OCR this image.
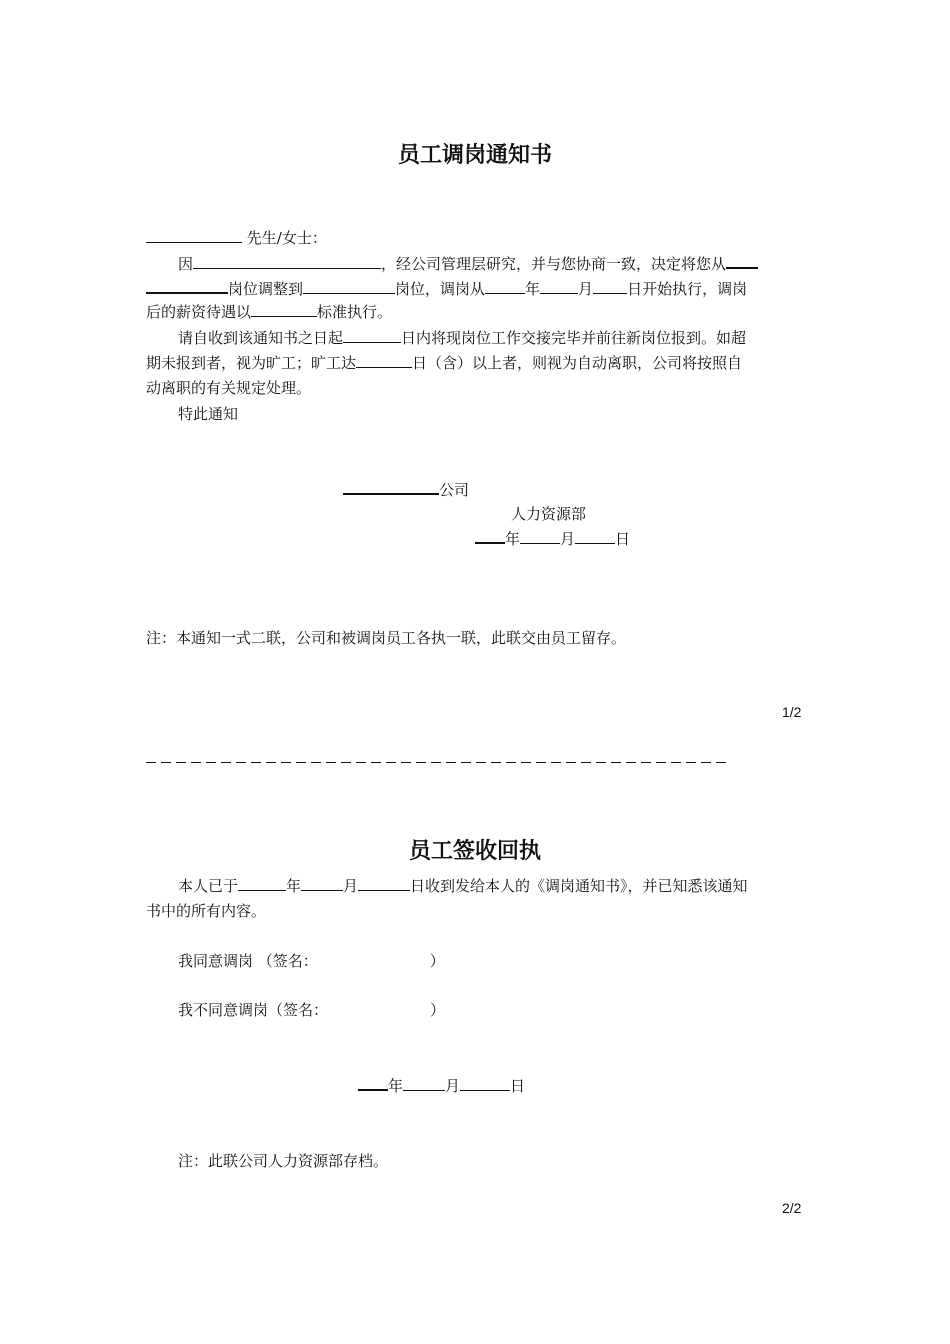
员工调岗通知书
先生/女士：
因	，经公司管理层研究，并与您协商一致，决定将您从
岗位调整到	岗位，调岗从	年	月 日开始执行，调岗
后的薪资待遇以	标准执行。
请自收到该通知书之日起	日内将现岗位工作交接完毕并前往新岗位报到。如超
期未报到者，视为旷工；旷工达	日（含）以上者，则视为自动离职，公司将按照自
动离职的有关规定处理。
特此通知
公司
人力资源部
年	月	日
注：本通知一式二联，公司和被调岗员工各执一联，此联交由员工留存。
1/2
员工签收回执
本人已于	年	月	日收到发给本人的《调岗通知书》，并已知悉该通知
书中的所有内容。
我同意调岗 （签名：	）
我不同意调岗（签名：	）
年	月	日
注：此联公司人力资源部存档。
2/2
